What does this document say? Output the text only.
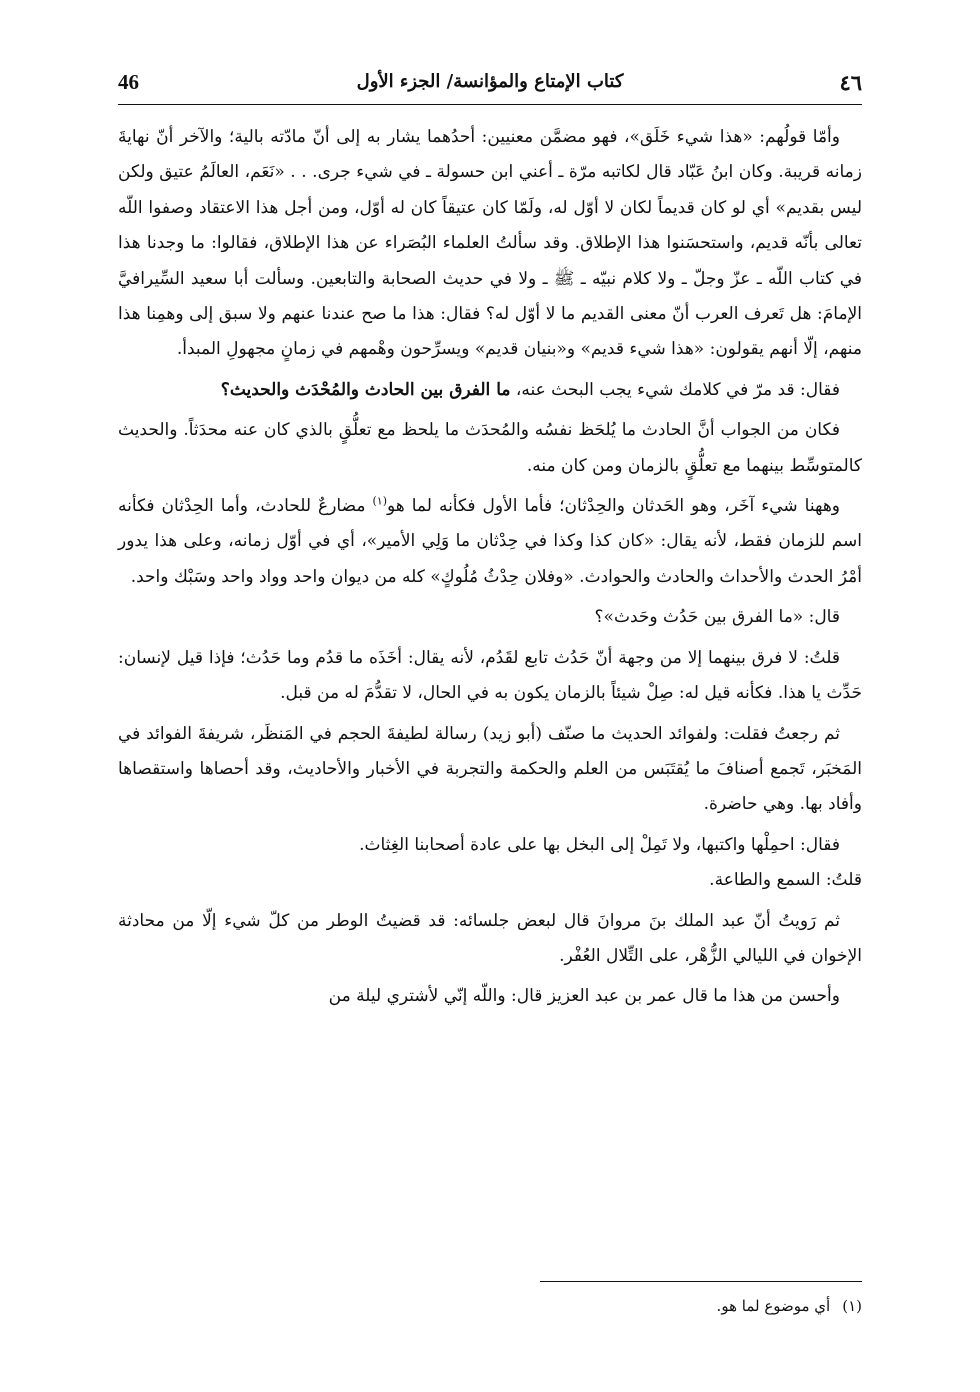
46	كتاب الإمتاع والمؤانسة/ الجزء الأول	٤٦

وأمّا قولُهم: «هذا شيء خَلَق»، فهو مضمَّن معنيين: أحدُهما يشار به إلى أنّ مادّته بالية؛ والآخر أنّ نهايةَ زمانه قريبة. وكان ابنُ عَبّاد قال لكاتبه مرّة ـ أعني ابن حسولة ـ في شيء جرى. . . «نَعَم، العالَمُ عتيق ولكن ليس بقديم» أي لو كان قديماً لكان لا أوّل له، ولَمّا كان عتيقاً كان له أوّل، ومن أجل هذا الاعتقاد وصفوا اللّه تعالى بأنّه قديم، واستحسَنوا هذا الإطلاق. وقد سألتُ العلماء البُصَراء عن هذا الإطلاق، فقالوا: ما وجدنا هذا في كتاب اللّه ـ عزّ وجلّ ـ ولا كلام نبيّه ـ ﷺ ـ ولا في حديث الصحابة والتابعين. وسألت أبا سعيد السِّيرافيَّ الإمامَ: هل تَعرف العرب أنّ معنى القديم ما لا أوّل له؟ فقال: هذا ما صح عندنا عنهم ولا سبق إلى وهمِنا هذا منهم، إلّا أنهم يقولون: «هذا شيء قديم» و«بنيان قديم» ويسرِّحون وهْمهم في زمانٍ مجهولِ المبدأ.

فقال: قد مرّ في كلامك شيء يجب البحث عنه، ما الفرق بين الحادث والمُحْدَث والحديث؟

فكان من الجواب أنَّ الحادث ما يُلحَظ نفسُه والمُحدَث ما يلحظ مع تعلُّقٍ بالذي كان عنه محدَثاً. والحديث كالمتوسِّط بينهما مع تعلُّقٍ بالزمان ومن كان منه.

وههنا شيء آخَر، وهو الحَدثان والحِدْثان؛ فأما الأول فكأنه لما هو$^{(١)}$ مضارعٌ للحادث، وأما الحِدْثان فكأنه اسم للزمان فقط، لأنه يقال: «كان كذا وكذا في حِدْثان ما وَلِي الأمير»، أي في أوّل زمانه، وعلى هذا يدور أمْرُ الحدث والأحداث والحادث والحوادث. «وفلان حِدْثُ مُلُوكٍ» كله من ديوان واحد وواد واحد وسَبْك واحد.

قال: «ما الفرق بين حَدُث وحَدث»؟

قلتُ: لا فرق بينهما إلا من وجهة أنّ حَدُث تابع لقَدُم، لأنه يقال: أخَذَه ما قدُم وما حَدُث؛ فإذا قيل لإنسان: حَدِّث يا هذا. فكأنه قيل له: صِلْ شيئاً بالزمان يكون به في الحال، لا تقدُّمَ له من قبل.

ثم رجعتُ فقلت: ولفوائد الحديث ما صنّف (أبو زيد) رسالة لطيفةَ الحجم في المَنظَر، شريفةَ الفوائد في المَخبَر، تَجمع أصنافَ ما يُقتَبَس من العلم والحكمة والتجربة في الأخبار والأحاديث، وقد أحصاها واستقصاها وأفاد بها. وهي حاضرة.

فقال: احمِلْها واكتبها، ولا تَمِلْ إلى البخل بها على عادة أصحابنا الغِثاث.

قلتُ: السمع والطاعة.

ثم رَويتُ أنّ عبد الملك بنَ مروانَ قال لبعض جلسائه: قد قضيتُ الوطر من كلّ شيء إلّا من محادثة الإخوان في الليالي الزُّهْر، على التِّلال العُفْر.

وأحسن من هذا ما قال عمر بن عبد العزيز قال: واللّه إنّي لأشتري ليلة من

(١)أي موضوع لما هو.
